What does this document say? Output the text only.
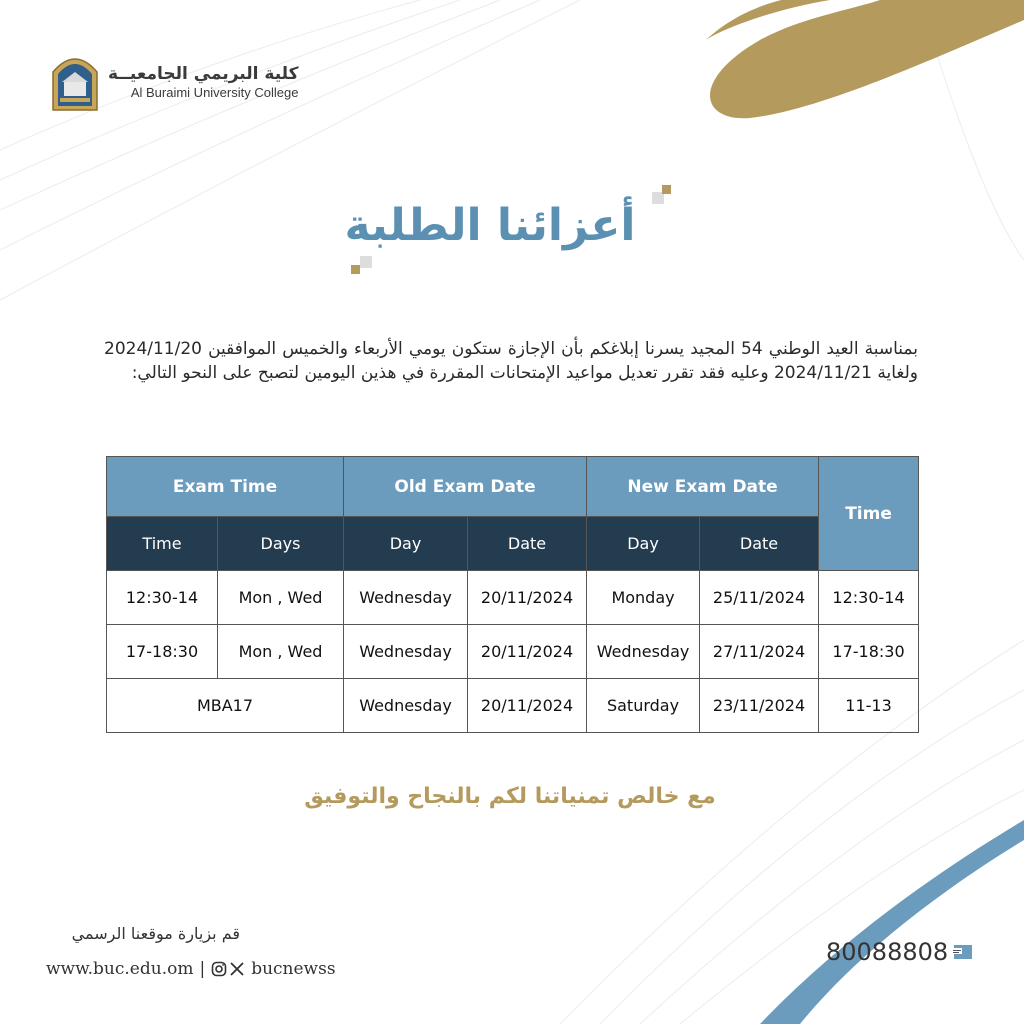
كلية البريمي الجامعيــة
Al Buraimi University College
أعزائنا الطلبة
بمناسبة العيد الوطني 54 المجيد يسرنا إبلاغكم بأن الإجازة ستكون يومي الأربعاء والخميس الموافقين 2024/11/20 ولغاية 2024/11/21 وعليه فقد تقرر تعديل مواعيد الإمتحانات المقررة في هذين اليومين لتصبح على النحو التالي:
Exam Time		Old Exam Date		New Exam Date		Time
Time	Days	Day	Date	Day	Date	
12:30-14	Mon , Wed	Wednesday	20/11/2024	Monday	25/11/2024	12:30-14
17-18:30	Mon , Wed	Wednesday	20/11/2024	Wednesday	27/11/2024	17-18:30
MBA17		Wednesday	20/11/2024	Saturday	23/11/2024	11-13
مع خالص تمنياتنا لكم بالنجاح والتوفيق
قم بزيارة موقعنا الرسمي
www.buc.edu.om |	bucnewss
80088808
